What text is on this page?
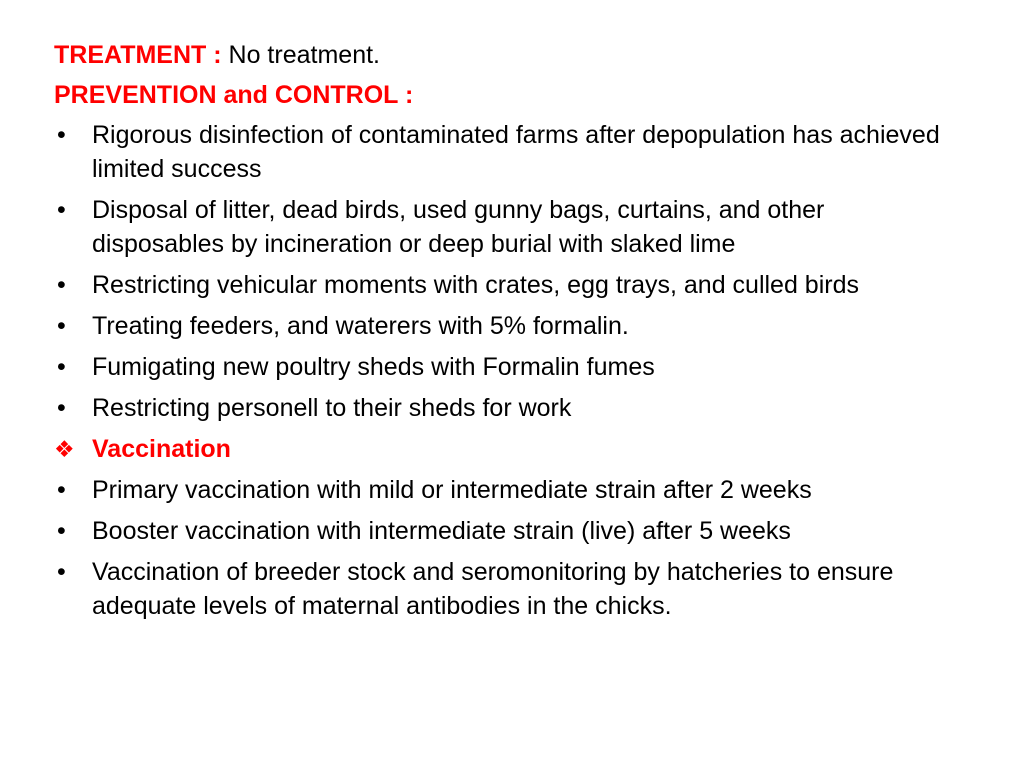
TREATMENT : No treatment.
PREVENTION and CONTROL :
•	Rigorous disinfection of contaminated farms after depopulation has achieved limited success
•	Disposal of litter, dead birds, used gunny bags, curtains, and other disposables by incineration or deep burial with slaked lime
•	Restricting vehicular moments with crates, egg trays, and culled birds
•	Treating feeders, and waterers with 5% formalin.
•	Fumigating new poultry sheds with Formalin fumes
•	Restricting personell to their sheds for work
❖ Vaccination
•	Primary vaccination with mild or intermediate strain after 2 weeks
•	Booster vaccination with intermediate strain (live) after 5 weeks
•	Vaccination of breeder stock and seromonitoring by hatcheries to ensure adequate levels of maternal antibodies in the chicks.
